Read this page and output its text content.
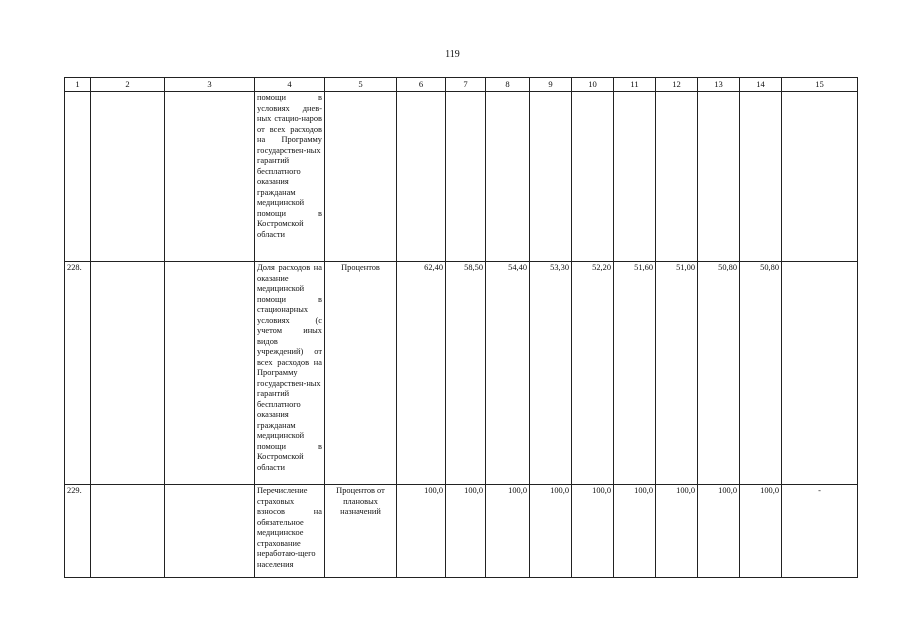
119
1	2	3	4	5	6	7	8	9	10	11	12	13	14	15
			помощи в условиях днев-ных стацио-наров от всех расходов на Программу государствен-ных гарантий бесплатного оказания гражданам медицинской помощи в Костромской области											
228.			Доля расходов на оказание медицинской помощи в стационарных условиях (с учетом иных видов учреждений) от всех расходов на Программу государствен-ных гарантий бесплатного оказания гражданам медицинской помощи в Костромской области	Процентов	62,40	58,50	54,40	53,30	52,20	51,60	51,00	50,80	50,80	
229.			Перечисление страховых взносов на обязательное медицинское страхование неработаю-щего населения	Процентов от плановых назначений	100,0	100,0	100,0	100,0	100,0	100,0	100,0	100,0	100,0	-
